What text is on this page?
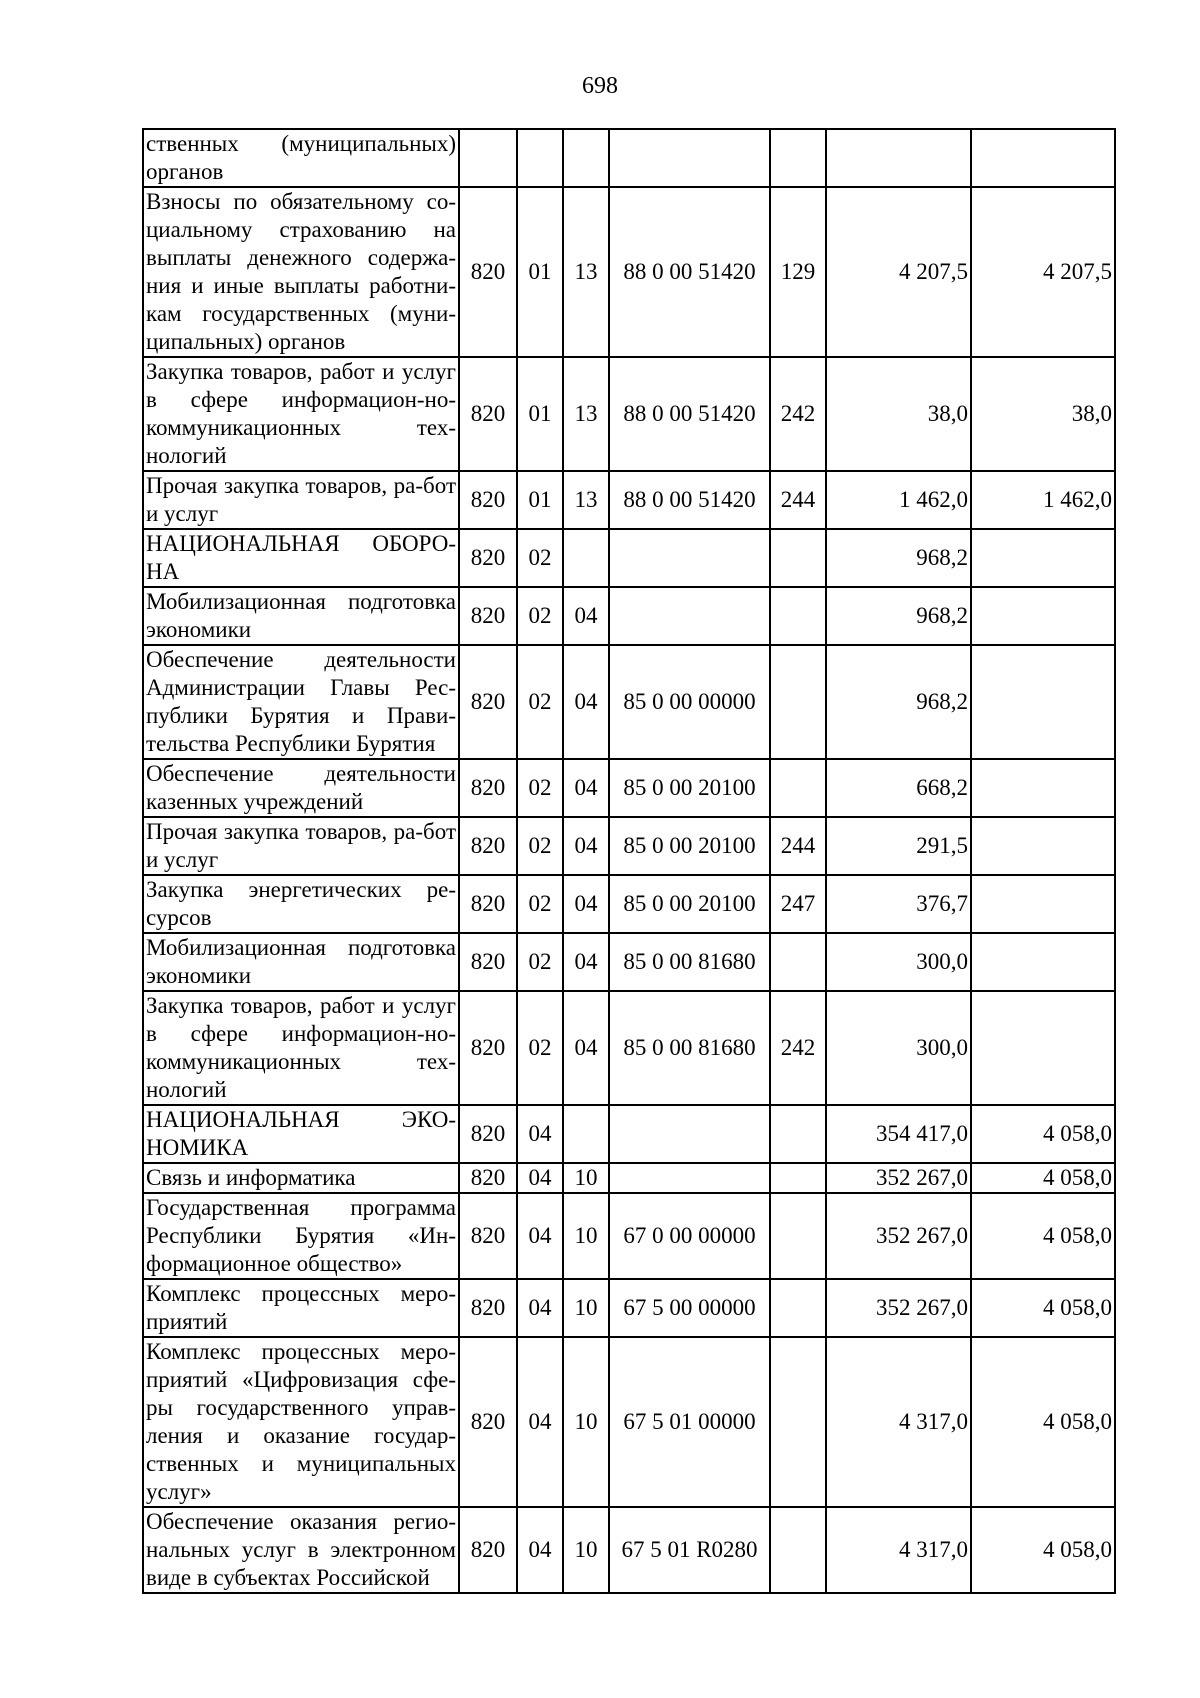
698
ственных (муниципальных) органов							
Взносы по обязательному со-циальному страхованию на выплаты денежного содержа-ния и иные выплаты работни-кам государственных (муни-ципальных) органов	820	01	13	88 0 00 51420	129	4 207,5	4 207,5
Закупка товаров, работ и услуг в сфере информацион-но-коммуникационных тех-нологий	820	01	13	88 0 00 51420	242	38,0	38,0
Прочая закупка товаров, ра-бот и услуг	820	01	13	88 0 00 51420	244	1 462,0	1 462,0
НАЦИОНАЛЬНАЯ ОБОРО-НА	820	02				968,2	
Мобилизационная подготовка экономики	820	02	04			968,2	
Обеспечение деятельности Администрации Главы Рес-публики Бурятия и Прави-тельства Республики Бурятия	820	02	04	85 0 00 00000		968,2	
Обеспечение деятельности казенных учреждений	820	02	04	85 0 00 20100		668,2	
Прочая закупка товаров, ра-бот и услуг	820	02	04	85 0 00 20100	244	291,5	
Закупка энергетических ре-сурсов	820	02	04	85 0 00 20100	247	376,7	
Мобилизационная подготовка экономики	820	02	04	85 0 00 81680		300,0	
Закупка товаров, работ и услуг в сфере информацион-но-коммуникационных тех-нологий	820	02	04	85 0 00 81680	242	300,0	
НАЦИОНАЛЬНАЯ ЭКО-НОМИКА	820	04				354 417,0	4 058,0
Связь и информатика	820	04	10			352 267,0	4 058,0
Государственная программа Республики Бурятия «Ин-формационное общество»	820	04	10	67 0 00 00000		352 267,0	4 058,0
Комплекс процессных меро-приятий	820	04	10	67 5 00 00000		352 267,0	4 058,0
Комплекс процессных меро-приятий «Цифровизация сфе-ры государственного управ-ления и оказание государ-ственных и муниципальных услуг»	820	04	10	67 5 01 00000		4 317,0	4 058,0
Обеспечение оказания регио-нальных услуг в электронном виде в субъектах Российской	820	04	10	67 5 01 R0280		4 317,0	4 058,0
